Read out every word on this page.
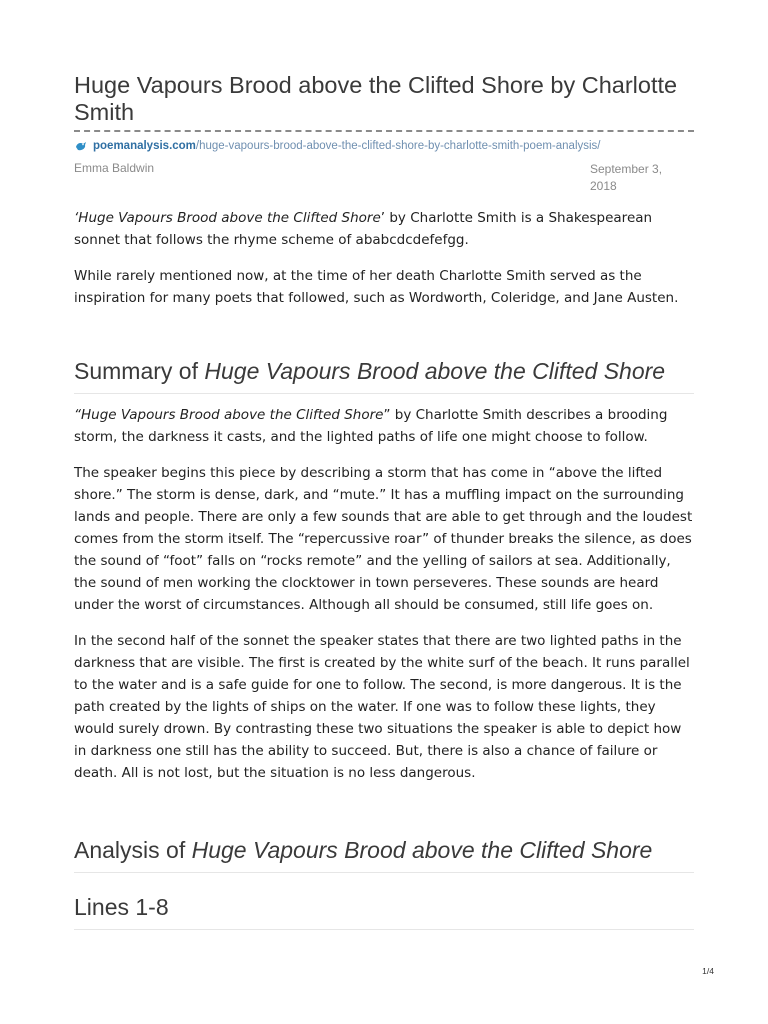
Huge Vapours Brood above the Clifted Shore by Charlotte Smith
poemanalysis.com/huge-vapours-brood-above-the-clifted-shore-by-charlotte-smith-poem-analysis/
Emma Baldwin	September 3, 2018

‘Huge Vapours Brood above the Clifted Shore’ by Charlotte Smith is a Shakespearean sonnet that follows the rhyme scheme of ababcdcdefefgg.

While rarely mentioned now, at the time of her death Charlotte Smith served as the inspiration for many poets that followed, such as Wordworth, Coleridge, and Jane Austen.

Summary of Huge Vapours Brood above the Clifted Shore

“Huge Vapours Brood above the Clifted Shore” by Charlotte Smith describes a brooding storm, the darkness it casts, and the lighted paths of life one might choose to follow.

The speaker begins this piece by describing a storm that has come in “above the lifted shore.” The storm is dense, dark, and “mute.” It has a muffling impact on the surrounding lands and people. There are only a few sounds that are able to get through and the loudest comes from the storm itself. The “repercussive roar” of thunder breaks the silence, as does the sound of “foot” falls on “rocks remote” and the yelling of sailors at sea. Additionally, the sound of men working the clocktower in town perseveres. These sounds are heard under the worst of circumstances. Although all should be consumed, still life goes on.

In the second half of the sonnet the speaker states that there are two lighted paths in the darkness that are visible. The first is created by the white surf of the beach. It runs parallel to the water and is a safe guide for one to follow. The second, is more dangerous. It is the path created by the lights of ships on the water. If one was to follow these lights, they would surely drown. By contrasting these two situations the speaker is able to depict how in darkness one still has the ability to succeed. But, there is also a chance of failure or death. All is not lost, but the situation is no less dangerous.

Analysis of Huge Vapours Brood above the Clifted Shore
Lines 1-8
1/4
